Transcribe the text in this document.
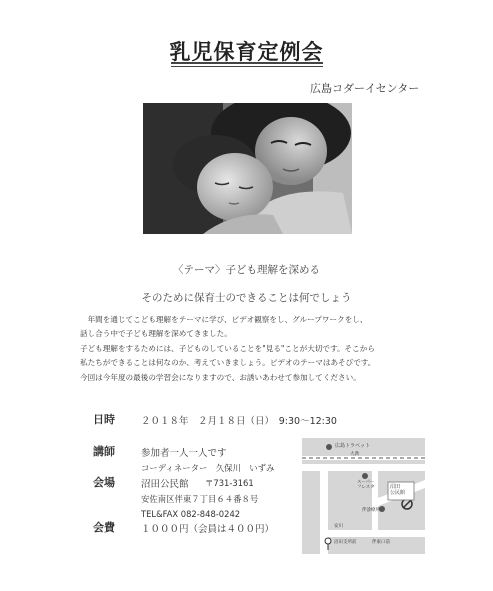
乳児保育定例会
広島コダーイセンター
〈テーマ〉子ども理解を深める
そのために保育士のできることは何でしょう

　年間を通じてこども理解をテーマに学び、ビデオ観察をし、グループワークをし、

話し合う中で子ども理解を深めてきました。

子ども理解をするためには、子どものしていることを"見る"ことが大切です。そこから

私たちができることは何なのか、考えていきましょう。ビデオのテーマはあそびです。

今回は今年度の最後の学習会になりますので、お誘いあわせて参加してください。

日時	２０１８年　２月１８日（日）　9:30〜12:30
講師	参加者一人一人です
コーディネーター　久保川　いずみ
会場	沼田公民館 〒731-3161
安佐南区伴東７丁目６４番８号
TEL&FAX 082-848-0242
会費	１０００円（会員は４００円）
広島トラベット
大典
スーパー
フレスタ
伴診療所
沼田
公民館
安川
沼田支所前	伴東口前
